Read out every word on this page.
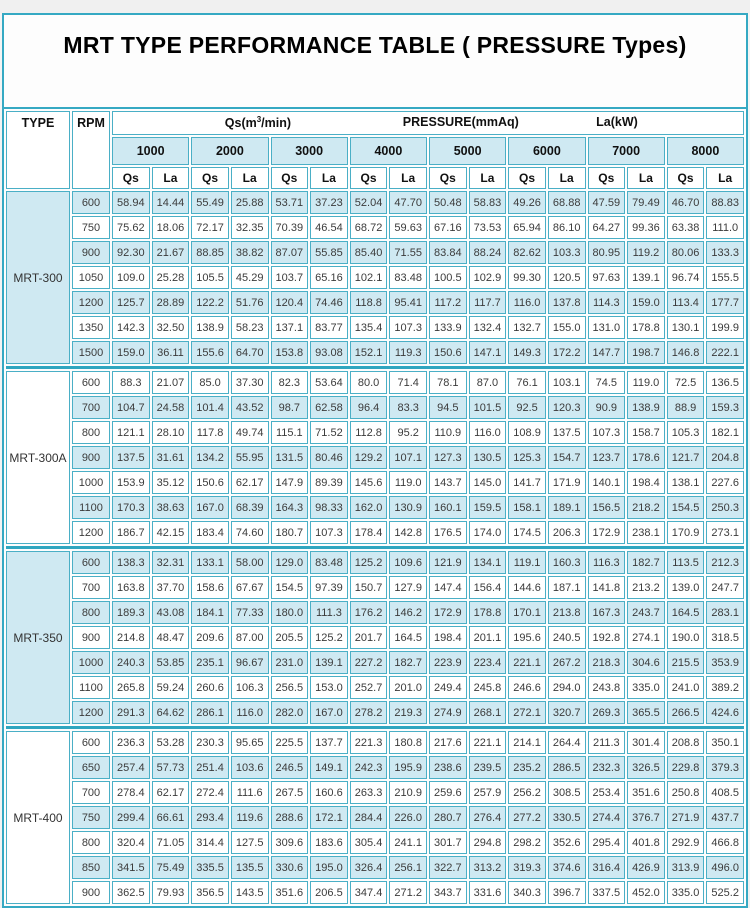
MRT TYPE PERFORMANCE TABLE ( PRESSURE Types)
TYPE	RPM	$Qs(m^3/\min)$ PRESSURE(mmAq) La(kW)															

		1000		2000		3000		4000		5000		6000		7000		8000	
		Qs	La	Qs	La	Qs	La	Qs	La	Qs	La	Qs	La	Qs	La	Qs	La
MRT-300	600	58.94	14.44	55.49	25.88	53.71	37.23	52.04	47.70	50.48	58.83	49.26	68.88	47.59	79.49	46.70	88.83
	750	75.62	18.06	72.17	32.35	70.39	46.54	68.72	59.63	67.16	73.53	65.94	86.10	64.27	99.36	63.38	111.0
	900	92.30	21.67	88.85	38.82	87.07	55.85	85.40	71.55	83.84	88.24	82.62	103.3	80.95	119.2	80.06	133.3
	1050	109.0	25.28	105.5	45.29	103.7	65.16	102.1	83.48	100.5	102.9	99.30	120.5	97.63	139.1	96.74	155.5
	1200	125.7	28.89	122.2	51.76	120.4	74.46	118.8	95.41	117.2	117.7	116.0	137.8	114.3	159.0	113.4	177.7
	1350	142.3	32.50	138.9	58.23	137.1	83.77	135.4	107.3	133.9	132.4	132.7	155.0	131.0	178.8	130.1	199.9
	1500	159.0	36.11	155.6	64.70	153.8	93.08	152.1	119.3	150.6	147.1	149.3	172.2	147.7	198.7	146.8	222.1

MRT-300A	600	88.3	21.07	85.0	37.30	82.3	53.64	80.0	71.4	78.1	87.0	76.1	103.1	74.5	119.0	72.5	136.5
	700	104.7	24.58	101.4	43.52	98.7	62.58	96.4	83.3	94.5	101.5	92.5	120.3	90.9	138.9	88.9	159.3
	800	121.1	28.10	117.8	49.74	115.1	71.52	112.8	95.2	110.9	116.0	108.9	137.5	107.3	158.7	105.3	182.1
	900	137.5	31.61	134.2	55.95	131.5	80.46	129.2	107.1	127.3	130.5	125.3	154.7	123.7	178.6	121.7	204.8
	1000	153.9	35.12	150.6	62.17	147.9	89.39	145.6	119.0	143.7	145.0	141.7	171.9	140.1	198.4	138.1	227.6
	1100	170.3	38.63	167.0	68.39	164.3	98.33	162.0	130.9	160.1	159.5	158.1	189.1	156.5	218.2	154.5	250.3
	1200	186.7	42.15	183.4	74.60	180.7	107.3	178.4	142.8	176.5	174.0	174.5	206.3	172.9	238.1	170.9	273.1

MRT-350	600	138.3	32.31	133.1	58.00	129.0	83.48	125.2	109.6	121.9	134.1	119.1	160.3	116.3	182.7	113.5	212.3
	700	163.8	37.70	158.6	67.67	154.5	97.39	150.7	127.9	147.4	156.4	144.6	187.1	141.8	213.2	139.0	247.7
	800	189.3	43.08	184.1	77.33	180.0	111.3	176.2	146.2	172.9	178.8	170.1	213.8	167.3	243.7	164.5	283.1
	900	214.8	48.47	209.6	87.00	205.5	125.2	201.7	164.5	198.4	201.1	195.6	240.5	192.8	274.1	190.0	318.5
	1000	240.3	53.85	235.1	96.67	231.0	139.1	227.2	182.7	223.9	223.4	221.1	267.2	218.3	304.6	215.5	353.9
	1100	265.8	59.24	260.6	106.3	256.5	153.0	252.7	201.0	249.4	245.8	246.6	294.0	243.8	335.0	241.0	389.2
	1200	291.3	64.62	286.1	116.0	282.0	167.0	278.2	219.3	274.9	268.1	272.1	320.7	269.3	365.5	266.5	424.6

MRT-400	600	236.3	53.28	230.3	95.65	225.5	137.7	221.3	180.8	217.6	221.1	214.1	264.4	211.3	301.4	208.8	350.1
	650	257.4	57.73	251.4	103.6	246.5	149.1	242.3	195.9	238.6	239.5	235.2	286.5	232.3	326.5	229.8	379.3
	700	278.4	62.17	272.4	111.6	267.5	160.6	263.3	210.9	259.6	257.9	256.2	308.5	253.4	351.6	250.8	408.5
	750	299.4	66.61	293.4	119.6	288.6	172.1	284.4	226.0	280.7	276.4	277.2	330.5	274.4	376.7	271.9	437.7
	800	320.4	71.05	314.4	127.5	309.6	183.6	305.4	241.1	301.7	294.8	298.2	352.6	295.4	401.8	292.9	466.8
	850	341.5	75.49	335.5	135.5	330.6	195.0	326.4	256.1	322.7	313.2	319.3	374.6	316.4	426.9	313.9	496.0
	900	362.5	79.93	356.5	143.5	351.6	206.5	347.4	271.2	343.7	331.6	340.3	396.7	337.5	452.0	335.0	525.2
